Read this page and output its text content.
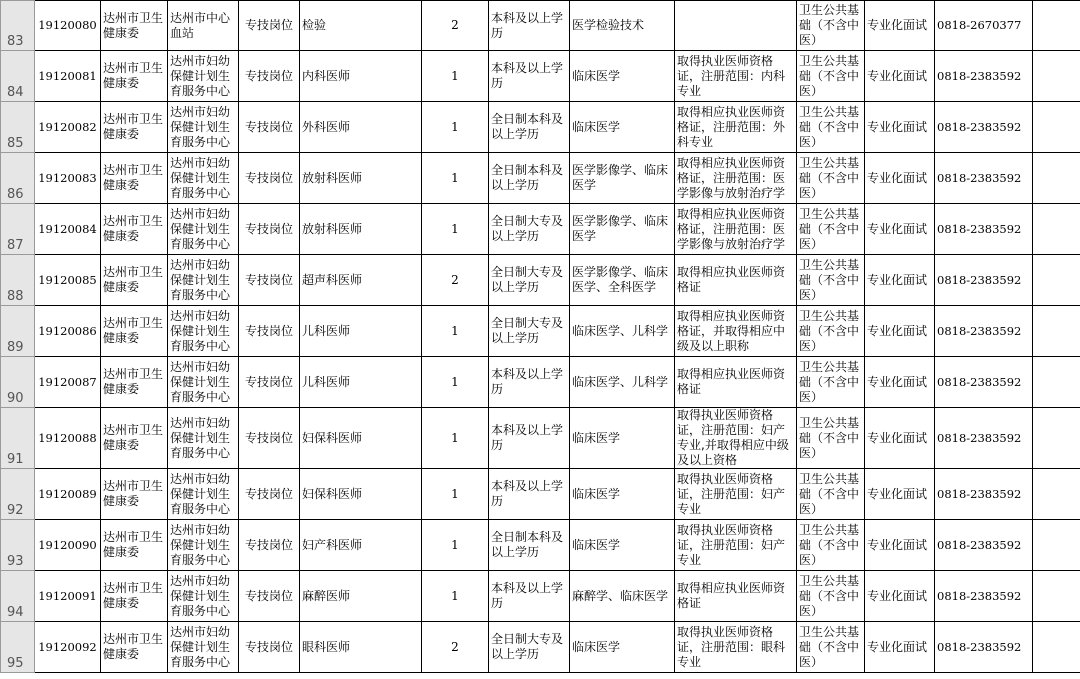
83	19120080	达州市卫生健康委	达州市中心血站	专技岗位	检验	2	本科及以上学历	医学检验技术		卫生公共基础（不含中医）	专业化面试	0818-2670377	
84	19120081	达州市卫生健康委	达州市妇幼保健计划生育服务中心	专技岗位	内科医师	1	本科及以上学历	临床医学	取得执业医师资格证，注册范围：内科专业	卫生公共基础（不含中医）	专业化面试	0818-2383592	
85	19120082	达州市卫生健康委	达州市妇幼保健计划生育服务中心	专技岗位	外科医师	1	全日制本科及以上学历	临床医学	取得相应执业医师资格证，注册范围：外科专业	卫生公共基础（不含中医）	专业化面试	0818-2383592	
86	19120083	达州市卫生健康委	达州市妇幼保健计划生育服务中心	专技岗位	放射科医师	1	全日制本科及以上学历	医学影像学、临床医学	取得相应执业医师资格证，注册范围：医学影像与放射治疗学	卫生公共基础（不含中医）	专业化面试	0818-2383592	
87	19120084	达州市卫生健康委	达州市妇幼保健计划生育服务中心	专技岗位	放射科医师	1	全日制大专及以上学历	医学影像学、临床医学	取得相应执业医师资格证，注册范围：医学影像与放射治疗学	卫生公共基础（不含中医）	专业化面试	0818-2383592	
88	19120085	达州市卫生健康委	达州市妇幼保健计划生育服务中心	专技岗位	超声科医师	2	全日制大专及以上学历	医学影像学、临床医学、全科医学	取得相应执业医师资格证	卫生公共基础（不含中医）	专业化面试	0818-2383592	
89	19120086	达州市卫生健康委	达州市妇幼保健计划生育服务中心	专技岗位	儿科医师	1	全日制大专及以上学历	临床医学、儿科学	取得相应执业医师资格证，并取得相应中级及以上职称	卫生公共基础（不含中医）	专业化面试	0818-2383592	
90	19120087	达州市卫生健康委	达州市妇幼保健计划生育服务中心	专技岗位	儿科医师	1	本科及以上学历	临床医学、儿科学	取得相应执业医师资格证	卫生公共基础（不含中医）	专业化面试	0818-2383592	
91	19120088	达州市卫生健康委	达州市妇幼保健计划生育服务中心	专技岗位	妇保科医师	1	本科及以上学历	临床医学	取得执业医师资格证，注册范围：妇产专业,并取得相应中级及以上资格	卫生公共基础（不含中医）	专业化面试	0818-2383592	
92	19120089	达州市卫生健康委	达州市妇幼保健计划生育服务中心	专技岗位	妇保科医师	1	本科及以上学历	临床医学	取得执业医师资格证，注册范围：妇产专业	卫生公共基础（不含中医）	专业化面试	0818-2383592	
93	19120090	达州市卫生健康委	达州市妇幼保健计划生育服务中心	专技岗位	妇产科医师	1	全日制本科及以上学历	临床医学	取得执业医师资格证，注册范围：妇产专业	卫生公共基础（不含中医）	专业化面试	0818-2383592	
94	19120091	达州市卫生健康委	达州市妇幼保健计划生育服务中心	专技岗位	麻醉医师	1	本科及以上学历	麻醉学、临床医学	取得相应执业医师资格证	卫生公共基础（不含中医）	专业化面试	0818-2383592	
95	19120092	达州市卫生健康委	达州市妇幼保健计划生育服务中心	专技岗位	眼科医师	2	全日制大专及以上学历	临床医学	取得执业医师资格证，注册范围：眼科专业	卫生公共基础（不含中医）	专业化面试	0818-2383592	
